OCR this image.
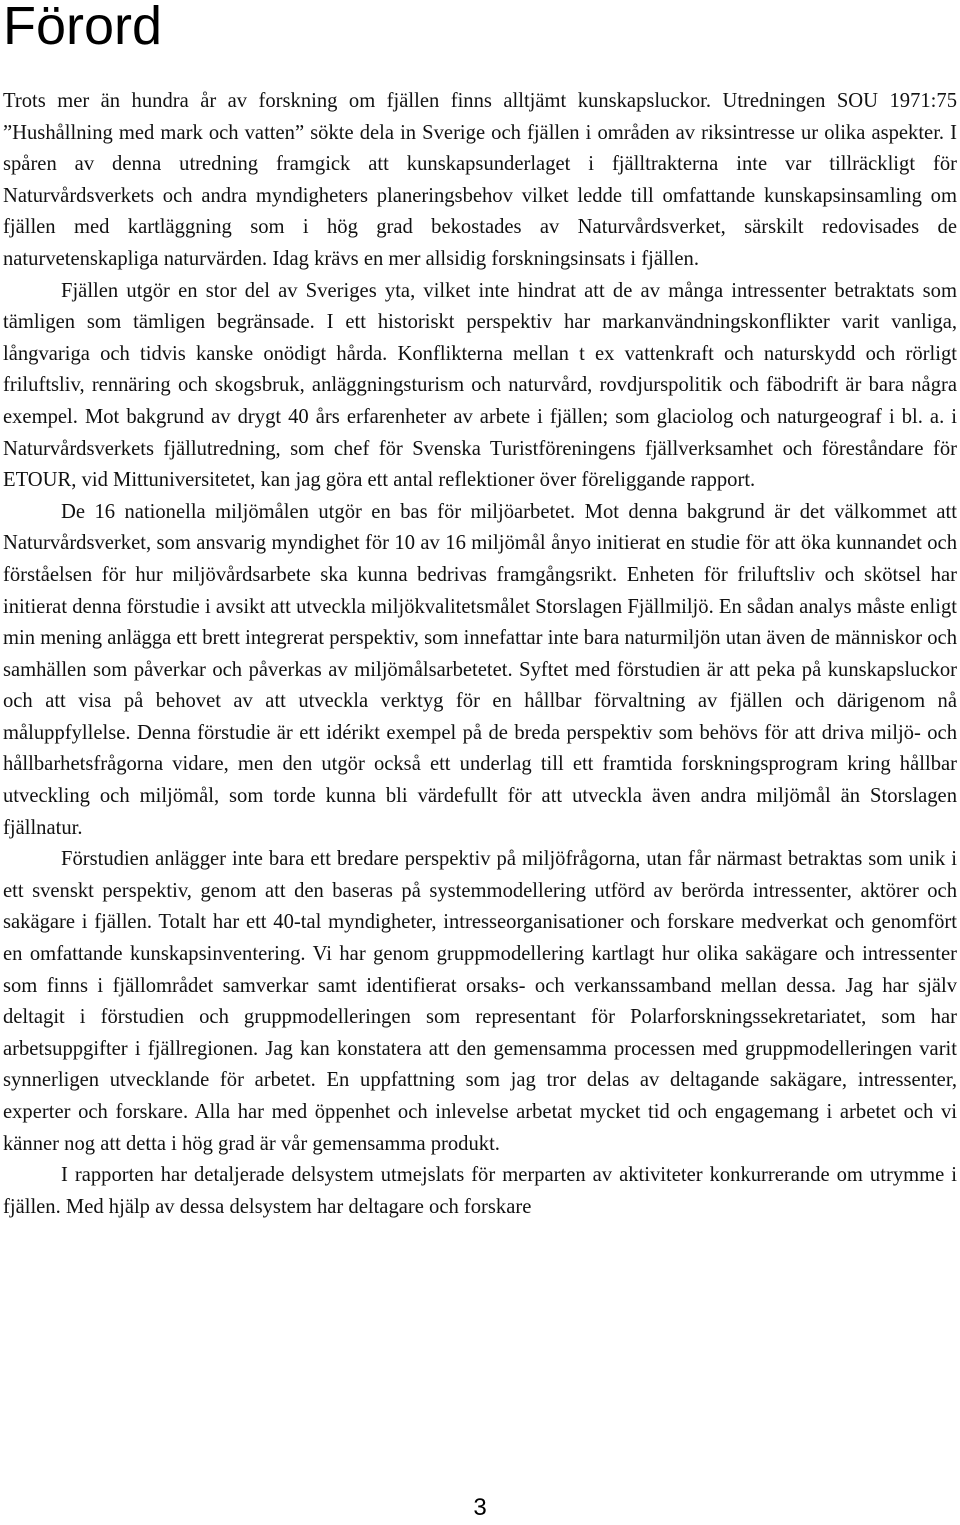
Förord

Trots mer än hundra år av forskning om fjällen finns alltjämt kunskapsluckor. Utredningen SOU 1971:75 ”Hushållning med mark och vatten” sökte dela in Sverige och fjällen i områden av riksintresse ur olika aspekter. I spåren av denna utredning framgick att kunskapsunderlaget i fjälltrakterna inte var tillräckligt för Naturvårdsverkets och andra myndigheters planeringsbehov vilket ledde till omfattande kunskapsinsamling om fjällen med kartläggning som i hög grad bekostades av Naturvårdsverket, särskilt redovisades de naturvetenskapliga naturvärden. Idag krävs en mer allsidig forskningsinsats i fjällen.

Fjällen utgör en stor del av Sveriges yta, vilket inte hindrat att de av många intressenter betraktats som tämligen som tämligen begränsade. I ett historiskt perspektiv har markanvändningskonflikter varit vanliga, långvariga och tidvis kanske onödigt hårda. Konflikterna mellan t ex vattenkraft och naturskydd och rörligt friluftsliv, rennäring och skogsbruk, anläggningsturism och naturvård, rovdjurspolitik och fäbodrift är bara några exempel. Mot bakgrund av drygt 40 års erfarenheter av arbete i fjällen; som glaciolog och naturgeograf i bl. a. i Naturvårdsverkets fjällutredning, som chef för Svenska Turistföreningens fjällverksamhet och föreståndare för ETOUR, vid Mittuniversitetet, kan jag göra ett antal reflektioner över föreliggande rapport.

De 16 nationella miljömålen utgör en bas för miljöarbetet. Mot denna bakgrund är det välkommet att Naturvårdsverket, som ansvarig myndighet för 10 av 16 miljömål ånyo initierat en studie för att öka kunnandet och förståelsen för hur miljövårdsarbete ska kunna bedrivas framgångsrikt. Enheten för friluftsliv och skötsel har initierat denna förstudie i avsikt att utveckla miljökvalitetsmålet Storslagen Fjällmiljö. En sådan analys måste enligt min mening anlägga ett brett integrerat perspektiv, som innefattar inte bara naturmiljön utan även de människor och samhällen som påverkar och påverkas av miljömålsarbetetet. Syftet med förstudien är att peka på kunskapsluckor och att visa på behovet av att utveckla verktyg för en hållbar förvaltning av fjällen och därigenom nå måluppfyllelse. Denna förstudie är ett idérikt exempel på de breda perspektiv som behövs för att driva miljö- och hållbarhetsfrågorna vidare, men den utgör också ett underlag till ett framtida forskningsprogram kring hållbar utveckling och miljömål, som torde kunna bli värdefullt för att utveckla även andra miljömål än Storslagen fjällnatur.

Förstudien anlägger inte bara ett bredare perspektiv på miljöfrågorna, utan får närmast betraktas som unik i ett svenskt perspektiv, genom att den baseras på systemmodellering utförd av berörda intressenter, aktörer och sakägare i fjällen. Totalt har ett 40-tal myndigheter, intresseorganisationer och forskare medverkat och genomfört en omfattande kunskapsinventering. Vi har genom gruppmodellering kartlagt hur olika sakägare och intressenter som finns i fjällområdet samverkar samt identifierat orsaks- och verkanssamband mellan dessa. Jag har själv deltagit i förstudien och gruppmodelleringen som representant för Polarforskningssekretariatet, som har arbetsuppgifter i fjällregionen. Jag kan konstatera att den gemensamma processen med gruppmodelleringen varit synnerligen utvecklande för arbetet. En uppfattning som jag tror delas av deltagande sakägare, intressenter, experter och forskare. Alla har med öppenhet och inlevelse arbetat mycket tid och engagemang i arbetet och vi känner nog att detta i hög grad är vår gemensamma produkt.

I rapporten har detaljerade delsystem utmejslats för merparten av aktiviteter konkurrerande om utrymme i fjällen. Med hjälp av dessa delsystem har deltagare och forskare

3
